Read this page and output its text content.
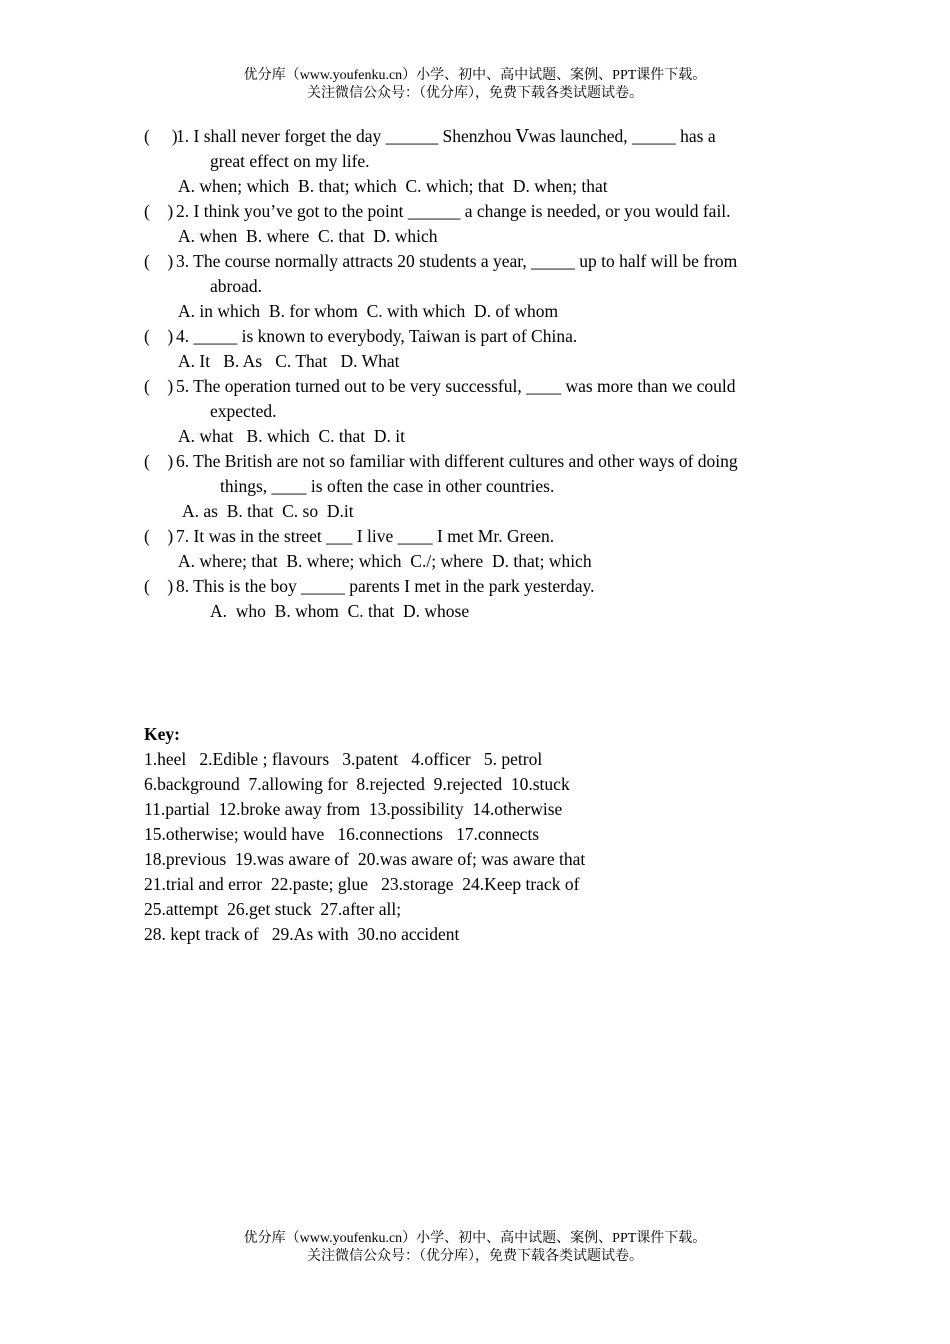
优分库（www.youfenku.cn）小学、初中、高中试题、案例、PPT课件下载。
关注微信公众号：（优分库），免费下载各类试题试卷。
(     )
1. I shall never forget the day ______ Shenzhou Ⅴwas launched, _____ has a
great effect on my life.
A. when; which  B. that; which  C. which; that  D. when; that
(    ) 2. I think you’ve got to the point ______ a change is needed, or you would fail.
A. when  B. where  C. that  D. which
(    ) 3. The course normally attracts 20 students a year, _____ up to half will be from
abroad.
A. in which  B. for whom  C. with which  D. of whom
(    ) 4. _____ is known to everybody, Taiwan is part of China.
A. It   B. As   C. That   D. What
(    ) 5. The operation turned out to be very successful, ____ was more than we could
expected.
A. what   B. which  C. that  D. it
(    ) 6. The British are not so familiar with different cultures and other ways of doing
things, ____ is often the case in other countries.
A. as  B. that  C. so  D.it
(    ) 7. It was in the street ___ I live ____ I met Mr. Green.
A. where; that  B. where; which  C./; where  D. that; which
(    ) 8. This is the boy _____ parents I met in the park yesterday.
A.  who  B. whom  C. that  D. whose
Key:
1.heel   2.Edible ; flavours   3.patent   4.officer   5. petrol
6.background  7.allowing for  8.rejected  9.rejected  10.stuck
11.partial  12.broke away from  13.possibility  14.otherwise
15.otherwise; would have   16.connections   17.connects
18.previous  19.was aware of  20.was aware of; was aware that
21.trial and error  22.paste; glue   23.storage  24.Keep track of
25.attempt  26.get stuck  27.after all;
28. kept track of   29.As with  30.no accident
优分库（www.youfenku.cn）小学、初中、高中试题、案例、PPT课件下载。
关注微信公众号：（优分库），免费下载各类试题试卷。
